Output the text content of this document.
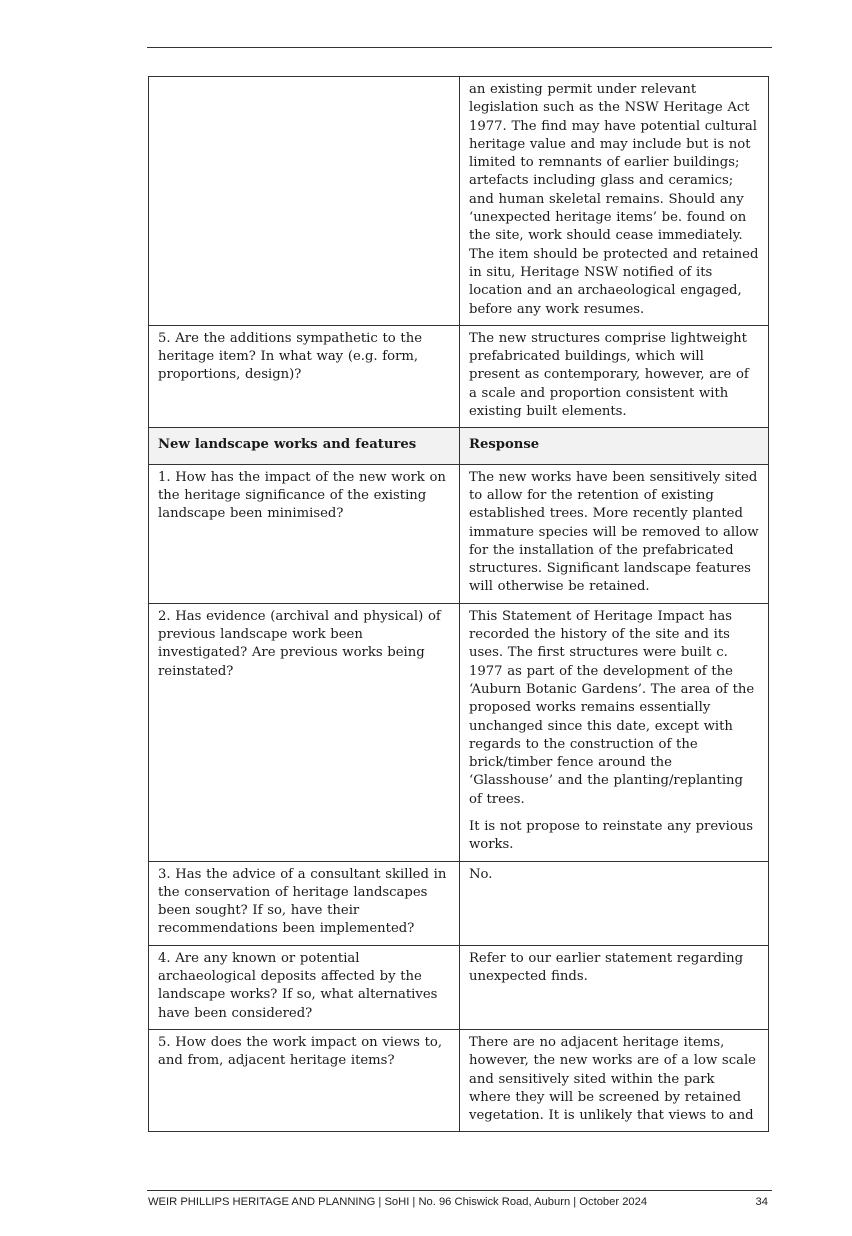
	an existing permit under relevant legislation such as the NSW Heritage Act 1977. The find may have potential cultural heritage value and may include but is not limited to remnants of earlier buildings; artefacts including glass and ceramics; and human skeletal remains. Should any ‘unexpected heritage items’ be. found on the site, work should cease immediately. The item should be protected and retained in situ, Heritage NSW notified of its location and an archaeological engaged, before any work resumes.

5. Are the additions sympathetic to the heritage item? In what way (e.g. form, proportions, design)?	The new structures comprise lightweight prefabricated buildings, which will present as contemporary, however, are of a scale and proportion consistent with existing built elements.

New landscape works and features	Response

1. How has the impact of the new work on the heritage significance of the existing landscape been minimised?	The new works have been sensitively sited to allow for the retention of existing established trees. More recently planted immature species will be removed to allow for the installation of the prefabricated structures. Significant landscape features will otherwise be retained.

2. Has evidence (archival and physical) of previous landscape work been investigated? Are previous works being reinstated?	This Statement of Heritage Impact has recorded the history of the site and its uses. The first structures were built c. 1977 as part of the development of the ‘Auburn Botanic Gardens’. The area of the proposed works remains essentially unchanged since this date, except with regards to the construction of the brick/timber fence around the ‘Glasshouse’ and the planting/replanting of trees.
It is not propose to reinstate any previous works.

3. Has the advice of a consultant skilled in the conservation of heritage landscapes been sought? If so, have their recommendations been implemented?	No.

4. Are any known or potential archaeological deposits affected by the landscape works? If so, what alternatives have been considered?	Refer to our earlier statement regarding unexpected finds.

5. How does the work impact on views to, and from, adjacent heritage items?	There are no adjacent heritage items, however, the new works are of a low scale and sensitively sited within the park where they will be screened by retained vegetation. It is unlikely that views to and
WEIR PHILLIPS HERITAGE AND PLANNING | SoHI | No. 96 Chiswick Road, Auburn | October 2024	34
